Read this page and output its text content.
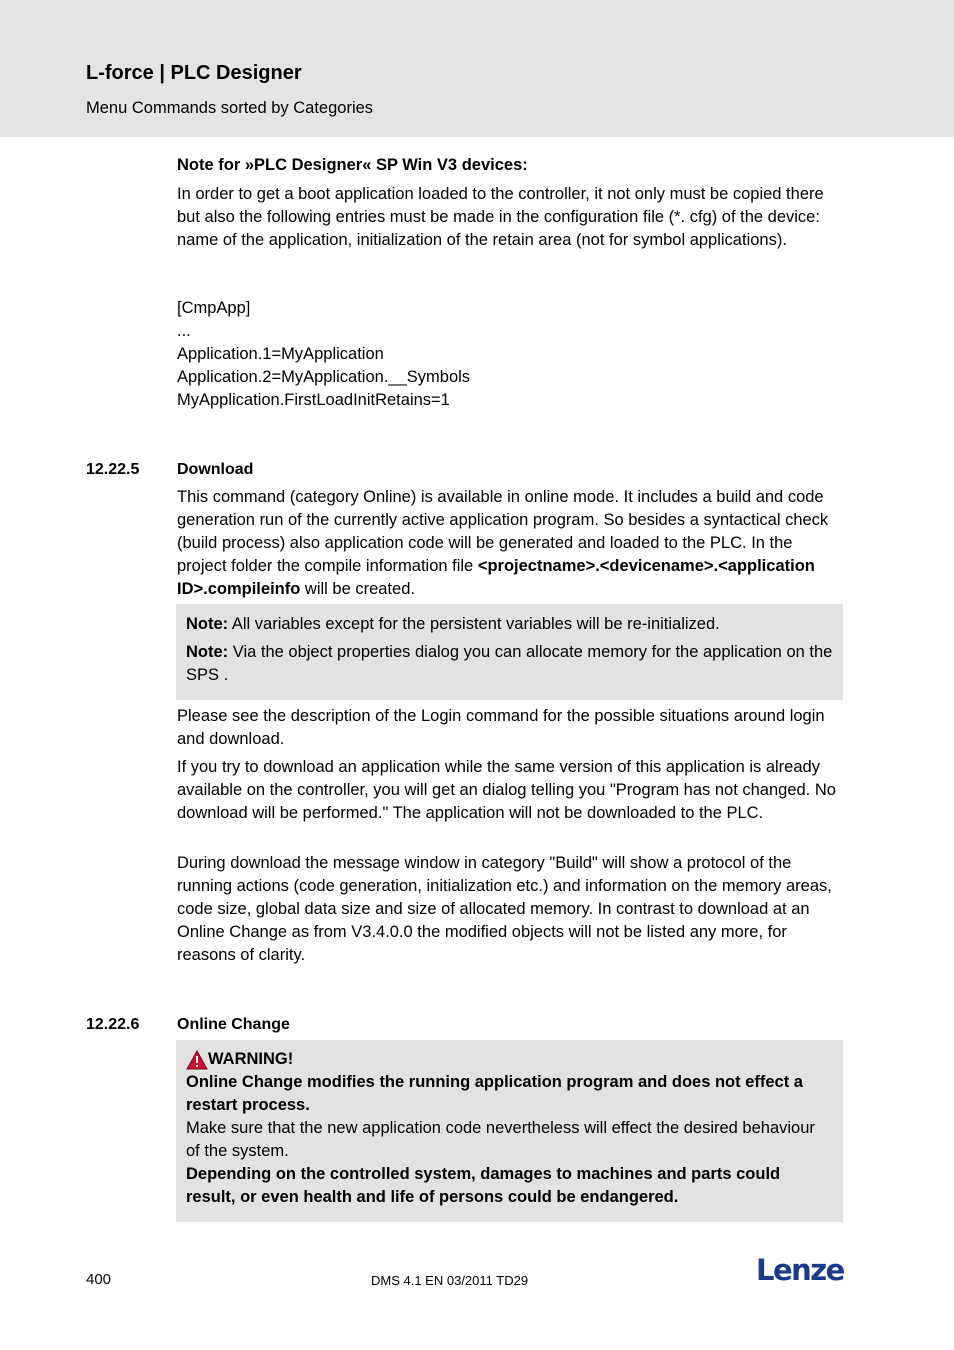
L-force | PLC Designer
Menu Commands sorted by Categories
Note for »PLC Designer« SP Win V3 devices:

In order to get a boot application loaded to the controller, it not only must be copied there but also the following entries must be made in the configuration file (*. cfg) of the device: name of the application, initialization of the retain area (not for symbol applications).

[CmpApp]
...
Application.1=MyApplication
Application.2=MyApplication.__Symbols
MyApplication.FirstLoadInitRetains=1
12.22.5 Download

This command (category Online) is available in online mode. It includes a build and code generation run of the currently active application program. So besides a syntactical check (build process) also application code will be generated and loaded to the PLC. In the project folder the compile information file <projectname>.<devicename>.<application ID>.compileinfo will be created.

Note: All variables except for the persistent variables will be re-initialized.

Note: Via the object properties dialog you can allocate memory for the application on the SPS .

Please see the description of the Login command for the possible situations around login and download.

If you try to download an application while the same version of this application is already available on the controller, you will get an dialog telling you "Program has not changed. No download will be performed." The application will not be downloaded to the PLC.

During download the message window in category "Build" will show a protocol of the running actions (code generation, initialization etc.) and information on the memory areas, code size, global data size and size of allocated memory. In contrast to download at an Online Change as from V3.4.0.0 the modified objects will not be listed any more, for reasons of clarity.

12.22.6 Online Change
WARNING!

Online Change modifies the running application program and does not effect a restart process.

Make sure that the new application code nevertheless will effect the desired behaviour of the system.

Depending on the controlled system, damages to machines and parts could result, or even health and life of persons could be endangered.

400	DMS 4.1 EN 03/2011 TD29	Lenze
